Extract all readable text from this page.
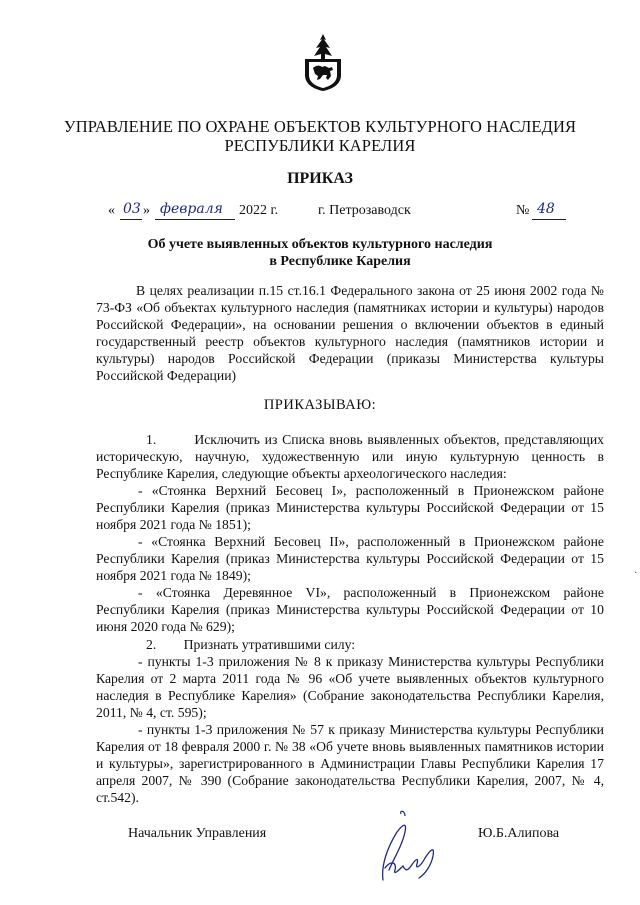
УПРАВЛЕНИЕ ПО ОХРАНЕ ОБЪЕКТОВ КУЛЬТУРНОГО НАСЛЕДИЯ
РЕСПУБЛИКИ КАРЕЛИЯ
ПРИКАЗ
« 03 » февраля 2022 г.	г. Петрозаводск	№ 48
Об учете выявленных объектов культурного наследия
в Республике Карелия

В целях реализации п.15 ст.16.1 Федерального закона от 25 июня 2002 года № 73-ФЗ «Об объектах культурного наследия (памятниках истории и культуры) народов Российской Федерации», на основании решения о включении объектов в единый государственный реестр объектов культурного наследия (памятников истории и культуры) народов Российской Федерации (приказы Министерства культуры Российской Федерации)

ПРИКАЗЫВАЮ:

1.        Исключить из Списка вновь выявленных объектов, представляющих историческую, научную, художественную или иную культурную ценность в Республике Карелия, следующие объекты археологического наследия:

- «Стоянка Верхний Бесовец I», расположенный в Прионежском районе Республики Карелия (приказ Министерства культуры Российской Федерации от 15 ноября 2021 года № 1851);

- «Стоянка Верхний Бесовец II», расположенный в Прионежском районе Республики Карелия (приказ Министерства культуры Российской Федерации от 15 ноября 2021 года № 1849);

- «Стоянка Деревянное VI», расположенный в Прионежском районе Республики Карелия (приказ Министерства культуры Российской Федерации от 10 июня 2020 года № 629);

2.        Признать утратившими силу:

- пункты 1-3 приложения № 8 к приказу Министерства культуры Республики Карелия от 2 марта 2011 года № 96 «Об учете выявленных объектов культурного наследия в Республике Карелия» (Собрание законодательства Республики Карелия, 2011, № 4, ст. 595);

- пункты 1-3 приложения № 57 к приказу Министерства культуры Республики Карелия от 18 февраля 2000 г. № 38 «Об учете вновь выявленных памятников истории и культуры», зарегистрированного в Администрации Главы Республики Карелия 17 апреля 2007, № 390 (Собрание законодательства Республики Карелия, 2007, № 4, ст.542).

Начальник Управления	Ю.Б.Алипова
·
